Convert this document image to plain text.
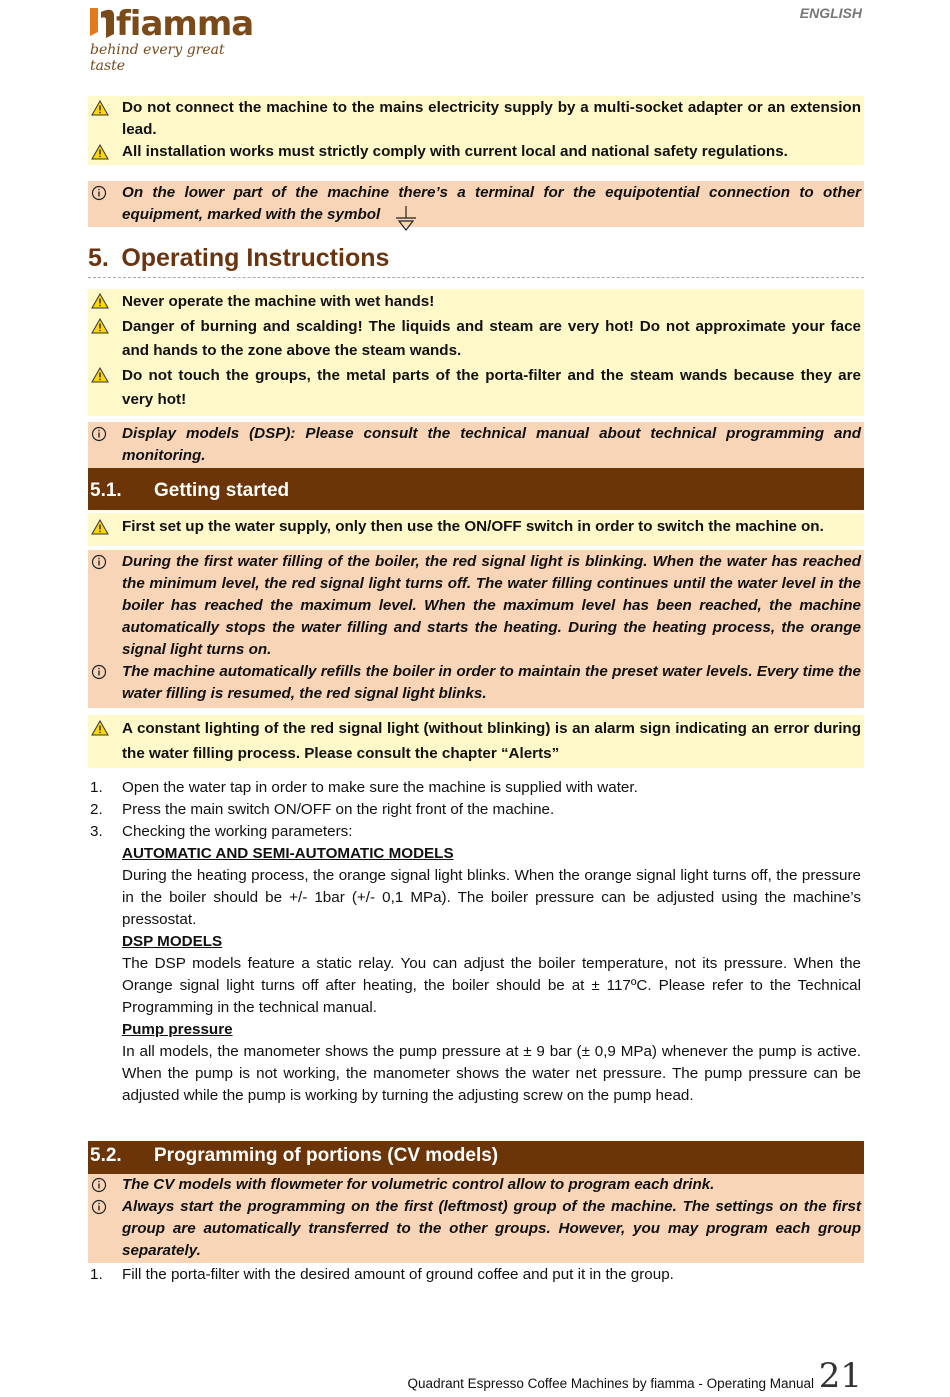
fiamma
behind every great taste
ENGLISH
Do not connect the machine to the mains electricity supply by a multi-socket adapter or an extension lead.
All installation works must strictly comply with current local and national safety regulations.
On the lower part of the machine there’s a terminal for the equipotential connection to other equipment, marked with the symbol
5. Operating Instructions
Never operate the machine with wet hands!
Danger of burning and scalding! The liquids and steam are very hot! Do not approximate your face and hands to the zone above the steam wands.
Do not touch the groups, the metal parts of the porta-filter and the steam wands because they are very hot!
Display models (DSP): Please consult the technical manual about technical programming and monitoring.
5.1. Getting started
First set up the water supply, only then use the ON/OFF switch in order to switch the machine on.
During the first water filling of the boiler, the red signal light is blinking. When the water has reached the minimum level, the red signal light turns off. The water filling continues until the water level in the boiler has reached the maximum level. When the maximum level has been reached, the machine automatically stops the water filling and starts the heating. During the heating process, the orange signal light turns on.
The machine automatically refills the boiler in order to maintain the preset water levels. Every time the water filling is resumed, the red signal light blinks.
A constant lighting of the red signal light (without blinking) is an alarm sign indicating an error during the water filling process. Please consult the chapter “Alerts”
1. Open the water tap in order to make sure the machine is supplied with water.
2. Press the main switch ON/OFF on the right front of the machine.
3. Checking the working parameters:
AUTOMATIC AND SEMI-AUTOMATIC MODELS
During the heating process, the orange signal light blinks. When the orange signal light turns off, the pressure in the boiler should be +/- 1bar (+/- 0,1 MPa). The boiler pressure can be adjusted using the machine’s pressostat.
DSP MODELS
The DSP models feature a static relay. You can adjust the boiler temperature, not its pressure. When the Orange signal light turns off after heating, the boiler should be at ± 117ºC. Please refer to the Technical Programming in the technical manual.
Pump pressure
In all models, the manometer shows the pump pressure at ± 9 bar (± 0,9 MPa) whenever the pump is active. When the pump is not working, the manometer shows the water net pressure. The pump pressure can be adjusted while the pump is working by turning the adjusting screw on the pump head.
5.2. Programming of portions (CV models)
The CV models with flowmeter for volumetric control allow to program each drink.
Always start the programming on the first (leftmost) group of the machine. The settings on the first group are automatically transferred to the other groups. However, you may program each group separately.
1. Fill the porta-filter with the desired amount of ground coffee and put it in the group.
Quadrant Espresso Coffee Machines by fiamma - Operating Manual 21
